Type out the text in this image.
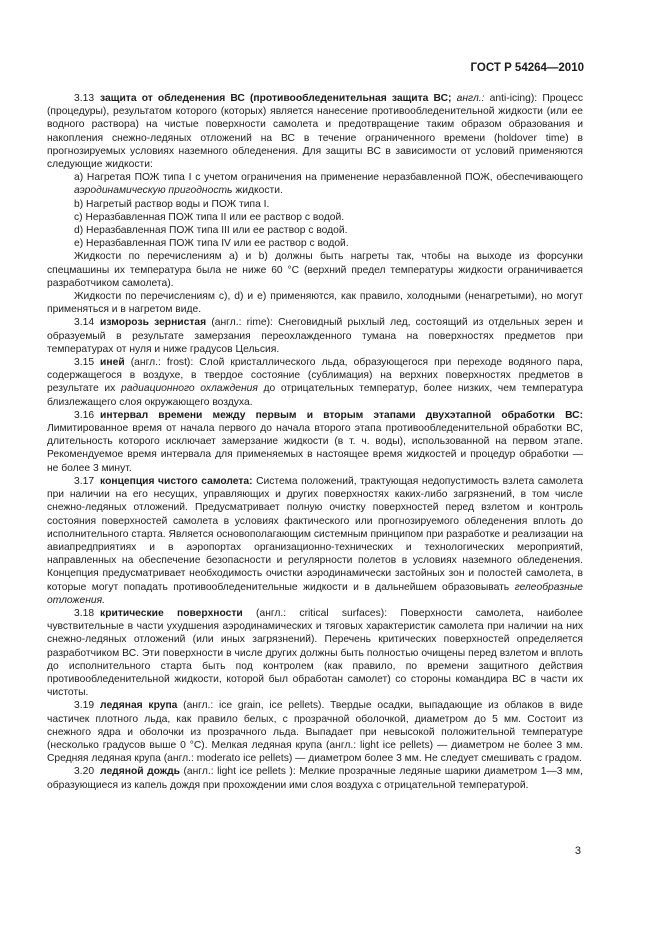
ГОСТ Р 54264—2010

3.13 защита от обледенения ВС (противообледенительная защита ВС; англ.: anti-icing): Процесс (процедуры), результатом которого (которых) является нанесение противообледенительной жидкости (или ее водного раствора) на чистые поверхности самолета и предотвращение таким образом образования и накопления снежно-ледяных отложений на ВС в течение ограниченного времени (holdover time) в прогнозируемых условиях наземного обледенения. Для защиты ВС в зависимости от условий применяются следующие жидкости:

a) Нагретая ПОЖ типа I с учетом ограничения на применение неразбавленной ПОЖ, обеспечивающего аэродинамическую пригодность жидкости.

b) Нагретый раствор воды и ПОЖ типа I.

c) Неразбавленная ПОЖ типа II или ее раствор с водой.

d) Неразбавленная ПОЖ типа III или ее раствор с водой.

e) Неразбавленная ПОЖ типа IV или ее раствор с водой.

Жидкости по перечислениям a) и b) должны быть нагреты так, чтобы на выходе из форсунки спецмашины их температура была не ниже 60 °С (верхний предел температуры жидкости ограничивается разработчиком самолета).

Жидкости по перечислениям c), d) и e) применяются, как правило, холодными (ненагретыми), но могут применяться и в нагретом виде.

3.14 изморозь зернистая (англ.: rime): Снеговидный рыхлый лед, состоящий из отдельных зерен и образуемый в результате замерзания переохлажденного тумана на поверхностях предметов при температурах от нуля и ниже градусов Цельсия.

3.15 иней (англ.: frost): Слой кристаллического льда, образующегося при переходе водяного пара, содержащегося в воздухе, в твердое состояние (сублимация) на верхних поверхностях предметов в результате их радиационного охлаждения до отрицательных температур, более низких, чем температура близлежащего слоя окружающего воздуха.

3.16 интервал времени между первым и вторым этапами двухэтапной обработки ВС: Лимитированное время от начала первого до начала второго этапа противообледенительной обработки ВС, длительность которого исключает замерзание жидкости (в т. ч. воды), использованной на первом этапе. Рекомендуемое время интервала для применяемых в настоящее время жидкостей и процедур обработки — не более 3 минут.

3.17 концепция чистого самолета: Система положений, трактующая недопустимость взлета самолета при наличии на его несущих, управляющих и других поверхностях каких-либо загрязнений, в том числе снежно-ледяных отложений. Предусматривает полную очистку поверхностей перед взлетом и контроль состояния поверхностей самолета в условиях фактического или прогнозируемого обледенения вплоть до исполнительного старта. Является основополагающим системным принципом при разработке и реализации на авиапредприятиях и в аэропортах организационно-технических и технологических мероприятий, направленных на обеспечение безопасности и регулярности полетов в условиях наземного обледенения. Концепция предусматривает необходимость очистки аэродинамически застойных зон и полостей самолета, в которые могут попадать противообледенительные жидкости и в дальнейшем образовывать гелеобразные отложения.

3.18 критические поверхности (англ.: critical surfaces): Поверхности самолета, наиболее чувствительные в части ухудшения аэродинамических и тяговых характеристик самолета при наличии на них снежно-ледяных отложений (или иных загрязнений). Перечень критических поверхностей определяется разработчиком ВС. Эти поверхности в числе других должны быть полностью очищены перед взлетом и вплоть до исполнительного старта быть под контролем (как правило, по времени защитного действия противообледенительной жидкости, которой был обработан самолет) со стороны командира ВС в части их чистоты.

3.19 ледяная крупа (англ.: ice grain, ice pellets). Твердые осадки, выпадающие из облаков в виде частичек плотного льда, как правило белых, с прозрачной оболочкой, диаметром до 5 мм. Состоит из снежного ядра и оболочки из прозрачного льда. Выпадает при невысокой положительной температуре (несколько градусов выше 0 °С). Мелкая ледяная крупа (англ.: light ice pellets) — диаметром не более 3 мм. Средняя ледяная крупа (англ.: moderato ice pellets) — диаметром более 3 мм. Не следует смешивать с градом.

3.20 ледяной дождь (англ.: light ice pellets ): Мелкие прозрачные ледяные шарики диаметром 1—3 мм, образующиеся из капель дождя при прохождении ими слоя воздуха с отрицательной температурой.

3
